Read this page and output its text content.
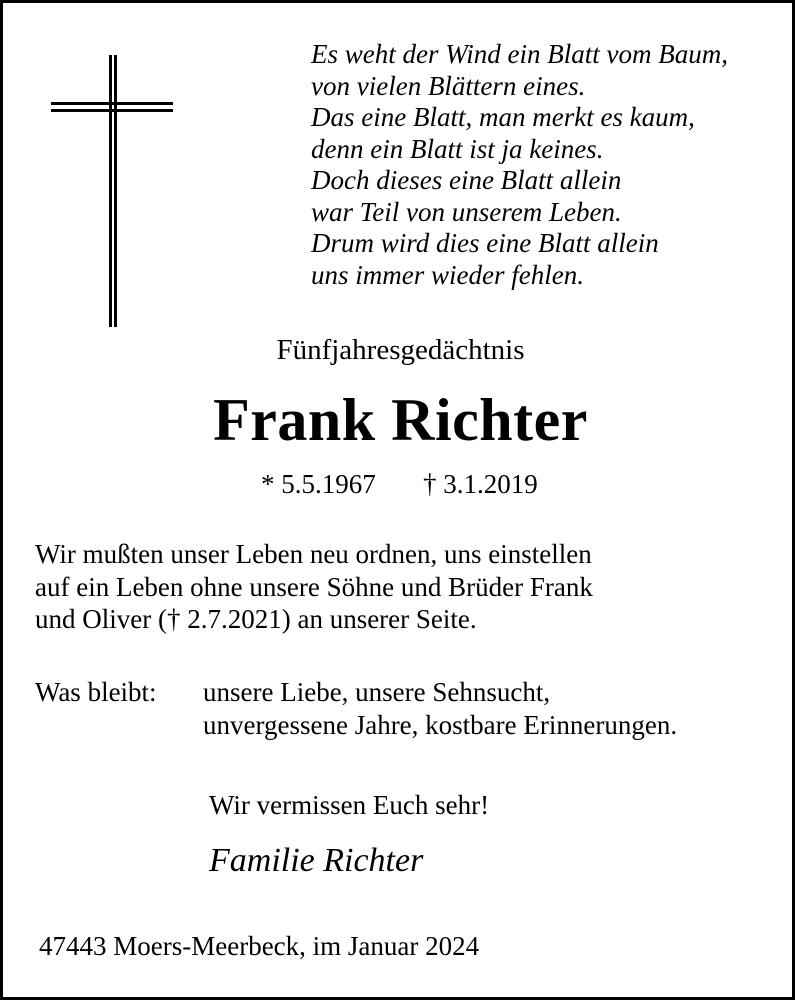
Es weht der Wind ein Blatt vom Baum,
von vielen Blättern eines.
Das eine Blatt, man merkt es kaum,
denn ein Blatt ist ja keines.
Doch dieses eine Blatt allein
war Teil von unserem Leben.
Drum wird dies eine Blatt allein
uns immer wieder fehlen.
Fünfjahresgedächtnis
Frank Richter
* 5.5.1967 † 3.1.2019
Wir mußten unser Leben neu ordnen, uns einstellen
auf ein Leben ohne unsere Söhne und Brüder Frank
und Oliver († 2.7.2021) an unserer Seite.
Was bleibt: unsere Liebe, unsere Sehnsucht,
unvergessene Jahre, kostbare Erinnerungen.
Wir vermissen Euch sehr!
Familie Richter
47443 Moers-Meerbeck, im Januar 2024
